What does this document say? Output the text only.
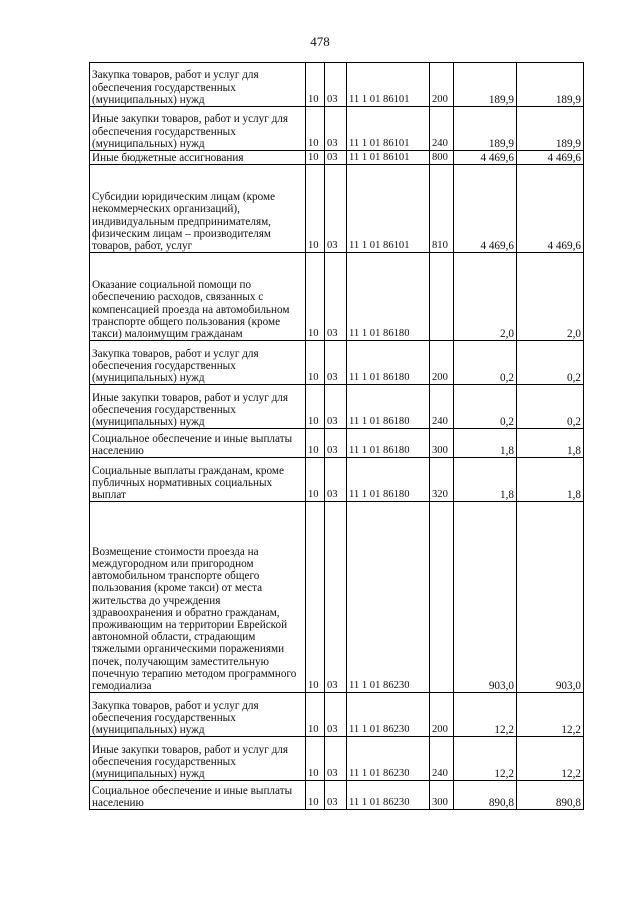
478
Закупка товаров, работ и услуг для обеспечения государственных (муниципальных) нужд	10	03	11 1 01 86101	200	189,9	189,9
Иные закупки товаров, работ и услуг для обеспечения государственных (муниципальных) нужд	10	03	11 1 01 86101	240	189,9	189,9
Иные бюджетные ассигнования	10	03	11 1 01 86101	800	4 469,6	4 469,6
Субсидии юридическим лицам (кроме некоммерческих организаций), индивидуальным предпринимателям, физическим лицам – производителям товаров, работ, услуг	10	03	11 1 01 86101	810	4 469,6	4 469,6
Оказание социальной помощи по обеспечению расходов, связанных с компенсацией проезда на автомобильном транспорте общего пользования (кроме такси) малоимущим гражданам	10	03	11 1 01 86180		2,0	2,0
Закупка товаров, работ и услуг для обеспечения государственных (муниципальных) нужд	10	03	11 1 01 86180	200	0,2	0,2
Иные закупки товаров, работ и услуг для обеспечения государственных (муниципальных) нужд	10	03	11 1 01 86180	240	0,2	0,2
Социальное обеспечение и иные выплаты населению	10	03	11 1 01 86180	300	1,8	1,8
Социальные выплаты гражданам, кроме публичных нормативных социальных выплат	10	03	11 1 01 86180	320	1,8	1,8
Возмещение стоимости проезда на междугородном или пригородном автомобильном транспорте общего пользования (кроме такси) от места жительства до учреждения здравоохранения и обратно гражданам, проживающим на территории Еврейской автономной области, страдающим тяжелыми органическими поражениями почек, получающим заместительную почечную терапию методом программного гемодиализа	10	03	11 1 01 86230		903,0	903,0
Закупка товаров, работ и услуг для обеспечения государственных (муниципальных) нужд	10	03	11 1 01 86230	200	12,2	12,2
Иные закупки товаров, работ и услуг для обеспечения государственных (муниципальных) нужд	10	03	11 1 01 86230	240	12,2	12,2
Социальное обеспечение и иные выплаты населению	10	03	11 1 01 86230	300	890,8	890,8
